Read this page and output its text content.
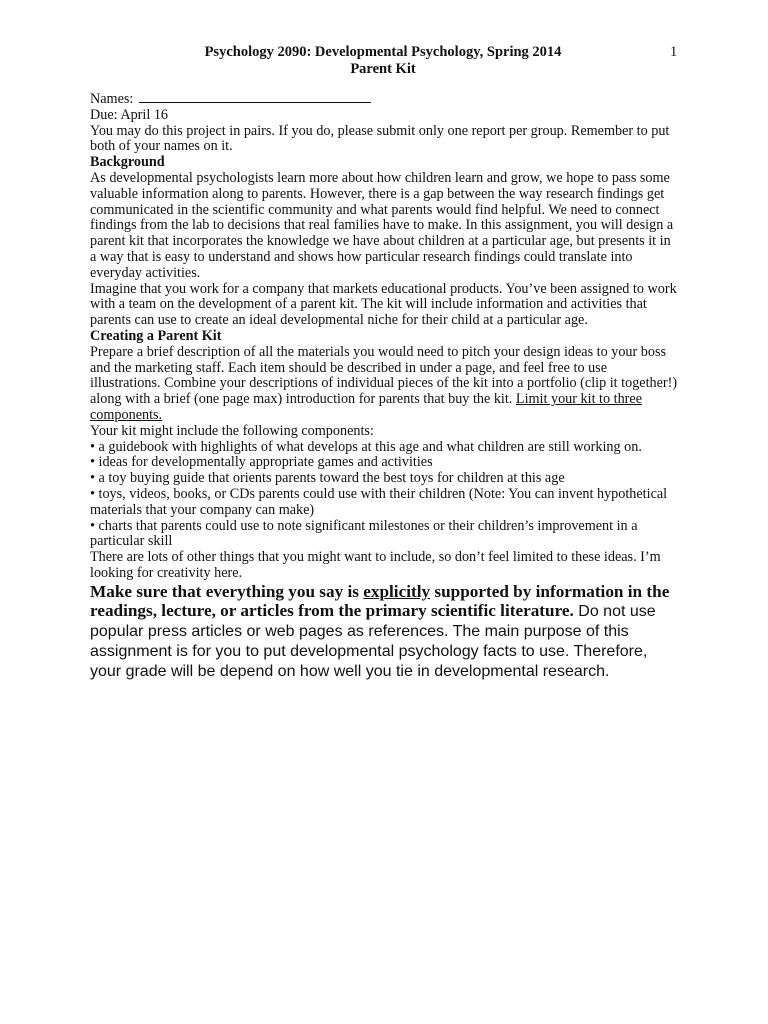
Psychology 2090: Developmental Psychology, Spring 2014
Parent Kit
1

Names:

Due: April 16

You may do this project in pairs. If you do, please submit only one report per group. Remember to put both of your names on it.

Background

As developmental psychologists learn more about how children learn and grow, we hope to pass some valuable information along to parents. However, there is a gap between the way research findings get communicated in the scientific community and what parents would find helpful. We need to connect findings from the lab to decisions that real families have to make. In this assignment, you will design a parent kit that incorporates the knowledge we have about children at a particular age, but presents it in a way that is easy to understand and shows how particular research findings could translate into everyday activities.

Imagine that you work for a company that markets educational products. You’ve been assigned to work with a team on the development of a parent kit. The kit will include information and activities that parents can use to create an ideal developmental niche for their child at a particular age.

Creating a Parent Kit

Prepare a brief description of all the materials you would need to pitch your design ideas to your boss and the marketing staff. Each item should be described in under a page, and feel free to use illustrations. Combine your descriptions of individual pieces of the kit into a portfolio (clip it together!) along with a brief (one page max) introduction for parents that buy the kit. Limit your kit to three components.

Your kit might include the following components:

• a guidebook with highlights of what develops at this age and what children are still working on.
• ideas for developmentally appropriate games and activities
• a toy buying guide that orients parents toward the best toys for children at this age
• toys, videos, books, or CDs parents could use with their children (Note: You can invent hypothetical materials that your company can make)
• charts that parents could use to note significant milestones or their children’s improvement in a particular skill

There are lots of other things that you might want to include, so don’t feel limited to these ideas. I’m looking for creativity here.

Make sure that everything you say is explicitly supported by information in the readings, lecture, or articles from the primary scientific literature. Do not use popular press articles or web pages as references. The main purpose of this assignment is for you to put developmental psychology facts to use. Therefore, your grade will be depend on how well you tie in developmental research.
